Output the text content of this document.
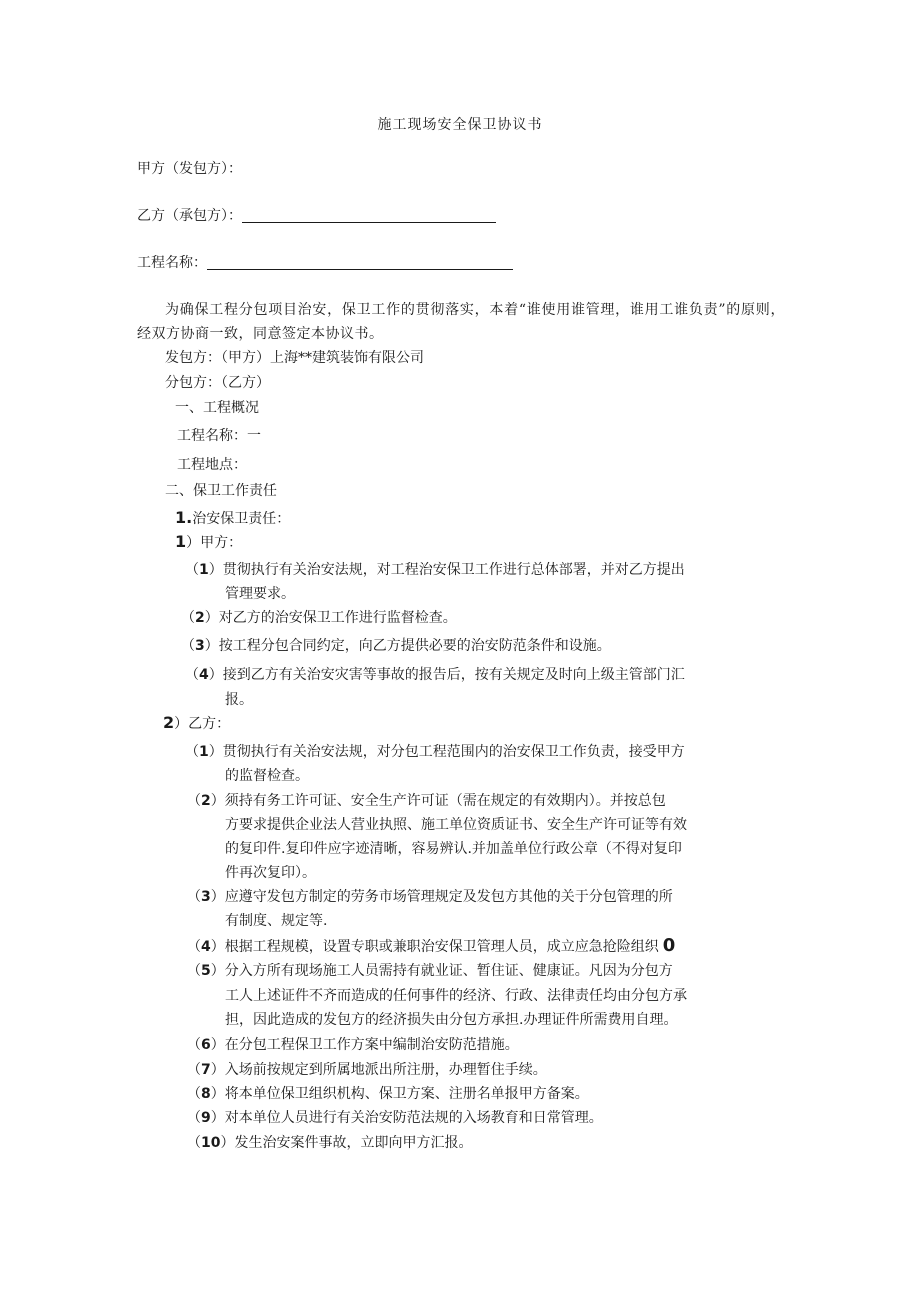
施工现场安全保卫协议书
甲方（发包方）：
乙方（承包方）：
工程名称：
为确保工程分包项目治安，保卫工作的贯彻落实，本着“谁使用谁管理，谁用工谁负责”的原则，经双方协商一致，同意签定本协议书。
发包方：（甲方）上海**建筑装饰有限公司
分包方：（乙方）
一、工程概况
工程名称：一
工程地点：
二、保卫工作责任
1.治安保卫责任：
1）甲方：
（1）贯彻执行有关治安法规，对工程治安保卫工作进行总体部署，并对乙方提出
管理要求。
（2）对乙方的治安保卫工作进行监督检查。
（3）按工程分包合同约定，向乙方提供必要的治安防范条件和设施。
（4）接到乙方有关治安灾害等事故的报告后，按有关规定及时向上级主管部门汇
报。
2）乙方：
（1）贯彻执行有关治安法规，对分包工程范围内的治安保卫工作负责，接受甲方
的监督检查。
（2）须持有务工许可证、安全生产许可证（需在规定的有效期内）。并按总包
方要求提供企业法人营业执照、施工单位资质证书、安全生产许可证等有效
的复印件.复印件应字迹清晰，容易辨认.并加盖单位行政公章（不得对复印
件再次复印）。
（3）应遵守发包方制定的劳务市场管理规定及发包方其他的关于分包管理的所
有制度、规定等.
（4）根据工程规模，设置专职或兼职治安保卫管理人员，成立应急抢险组织 0
（5）分入方所有现场施工人员需持有就业证、暂住证、健康证。凡因为分包方
工人上述证件不齐而造成的任何事件的经济、行政、法律责任均由分包方承
担，因此造成的发包方的经济损失由分包方承担.办理证件所需费用自理。
（6）在分包工程保卫工作方案中编制治安防范措施。
（7）入场前按规定到所属地派出所注册，办理暂住手续。
（8）将本单位保卫组织机构、保卫方案、注册名单报甲方备案。
（9）对本单位人员进行有关治安防范法规的入场教育和日常管理。
（10）发生治安案件事故，立即向甲方汇报。
